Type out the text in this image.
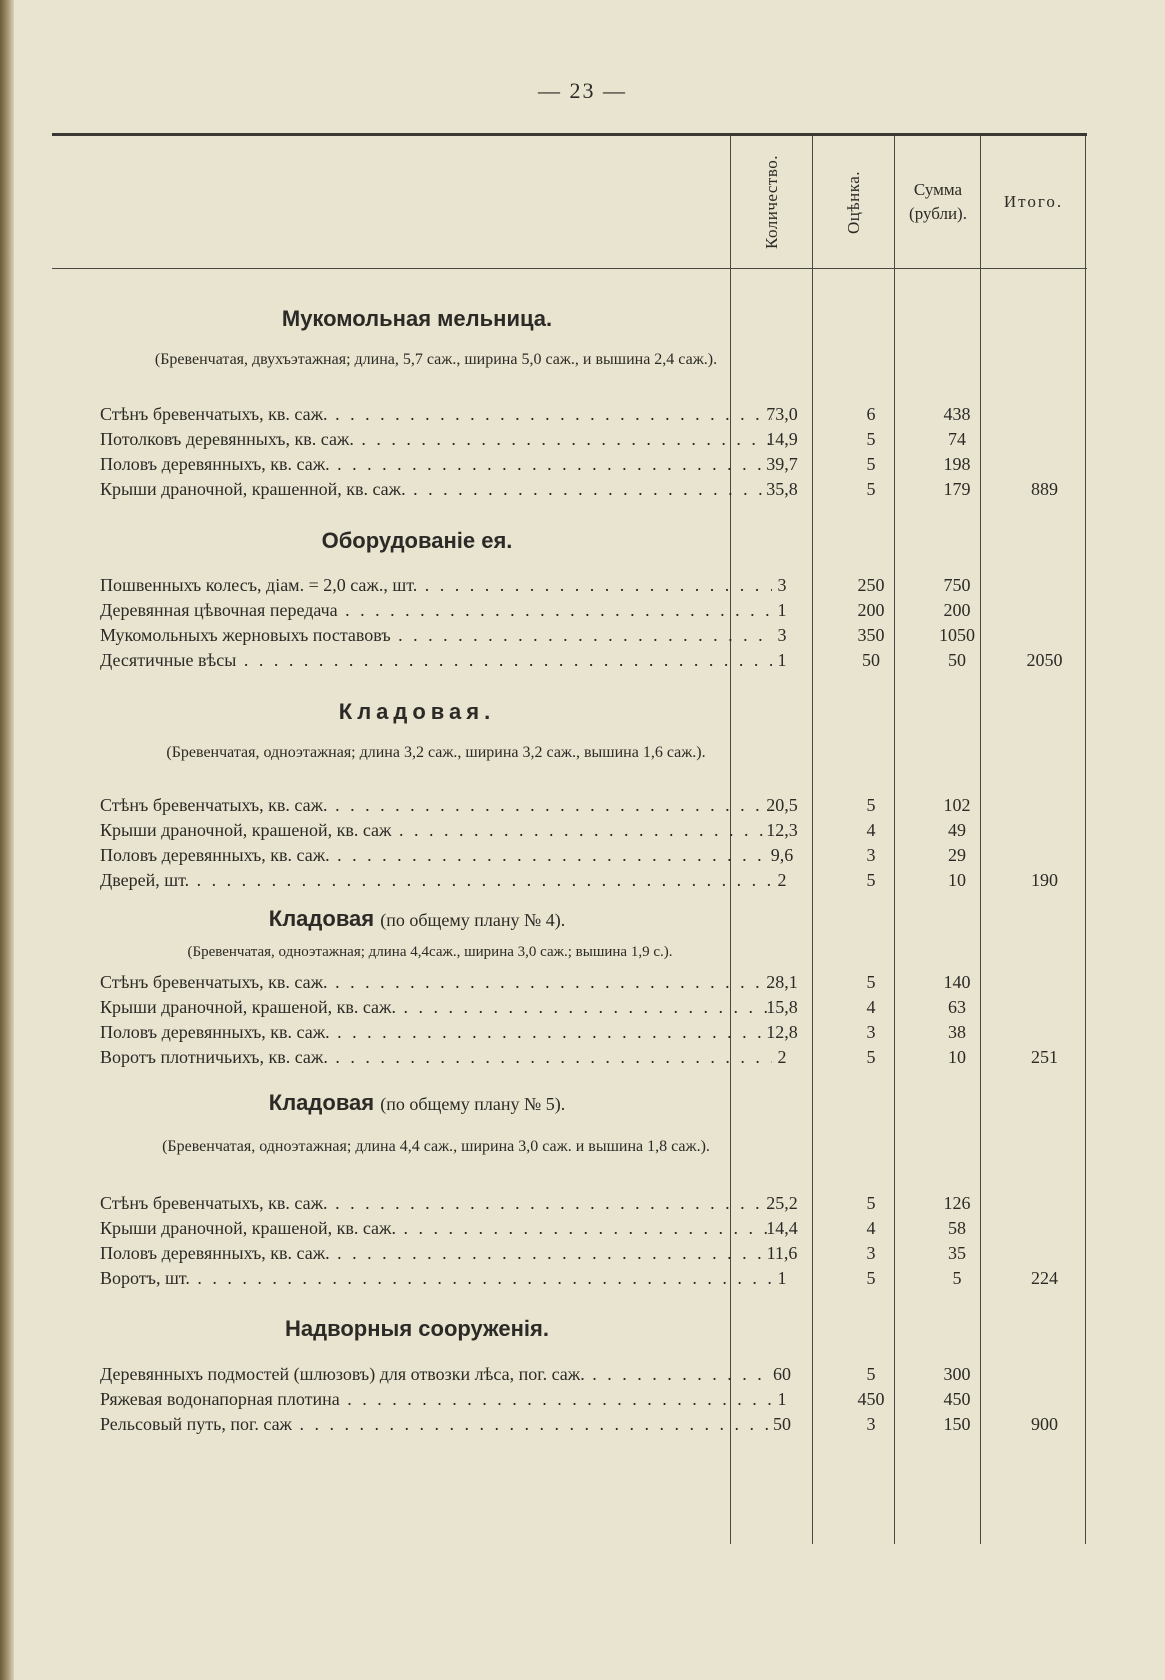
— 23 —
Количество.	Оцѣнка.	Сумма
(рубли).
Итого.
Мукомольная мельница.
(Бревенчатая, двухъэтажная; длина, 5,7 саж., ширина 5,0 саж., и вышина 2,4 саж.).
Стѣнъ бревенчатыхъ, кв. саж. . . .	73,0	6	438
Потолковъ деревянныхъ, кв. саж. . . .	14,9	5	74
Половъ деревянныхъ, кв. саж. . . .	39,7	5	198
Крыши драночной, крашенной, кв. саж. . . .	35,8	5	179	889
Оборудованіе ея.
Пошвенныхъ колесъ, діам. = 2,0 саж., шт. . . .	3	250	750
Деревянная цѣвочная передача . . .	1	200	200
Мукомольныхъ жерновыхъ поставовъ . . .	3	350	1050
Десятичные вѣсы . . .	1	50	50	2050
Кладовая.
(Бревенчатая, одноэтажная; длина 3,2 саж., ширина 3,2 саж., вышина 1,6 саж.).
Стѣнъ бревенчатыхъ, кв. саж. . . .	20,5	5	102
Крыши драночной, крашеной, кв. саж . . .	12,3	4	49
Половъ деревянныхъ, кв. саж. . . .	9,6	3	29
Дверей, шт. . . .	2	5	10	190
Кладовая (по общему плану № 4).
(Бревенчатая, одноэтажная; длина 4,4саж., ширина 3,0 саж.; вышина 1,9 с.).
Стѣнъ бревенчатыхъ, кв. саж. . . .	28,1	5	140
Крыши драночной, крашеной, кв. саж. . . .	15,8	4	63
Половъ деревянныхъ, кв. саж. . . .	12,8	3	38
Воротъ плотничьихъ, кв. саж. . . .	2	5	10	251
Кладовая (по общему плану № 5).
(Бревенчатая, одноэтажная; длина 4,4 саж., ширина 3,0 саж. и вышина 1,8 саж.).
Стѣнъ бревенчатыхъ, кв. саж. . . .	25,2	5	126
Крыши драночной, крашеной, кв. саж. . . .	14,4	4	58
Половъ деревянныхъ, кв. саж. . . .	11,6	3	35
Воротъ, шт. . . .	1	5	5	224
Надворныя сооруженія.
Деревянныхъ подмостей (шлюзовъ) для отвозки лѣса, пог. саж. . . .	60	5	300
Ряжевая водонапорная плотина . . .	1	450	450
Рельсовый путь, пог. саж . . .	50	3	150	900
